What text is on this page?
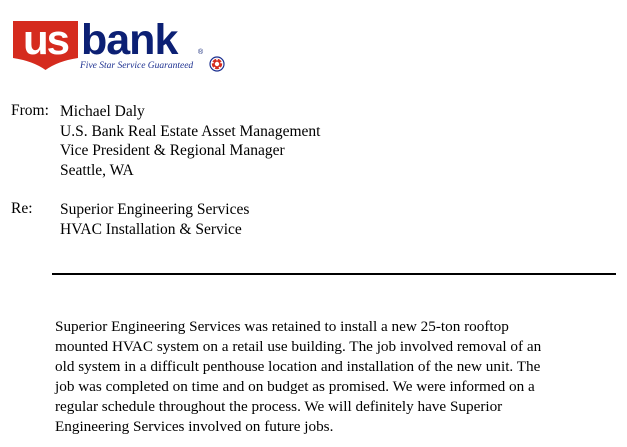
us bank	®
Five Star Service Guaranteed
From: Michael Daly
U.S. Bank Real Estate Asset Management
Vice President & Regional Manager
Seattle, WA
Re: Superior Engineering Services
HVAC Installation & Service
Superior Engineering Services was retained to install a new 25-ton rooftop
mounted HVAC system on a retail use building. The job involved removal of an
old system in a difficult penthouse location and installation of the new unit. The
job was completed on time and on budget as promised. We were informed on a
regular schedule throughout the process. We will definitely have Superior
Engineering Services involved on future jobs.
